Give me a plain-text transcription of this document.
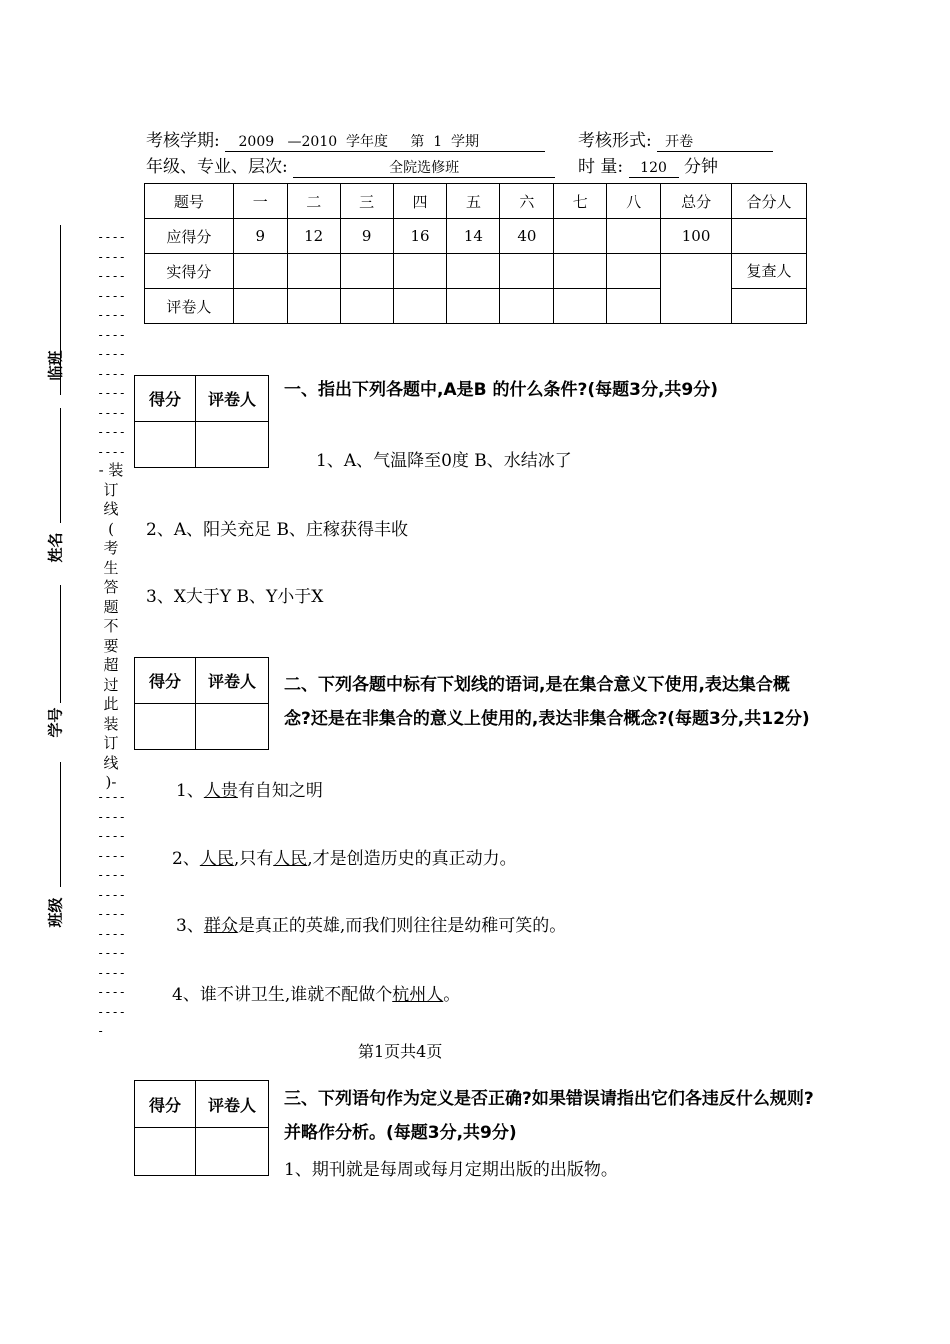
考核学期: 2009 —2010 学年度 第 1 学期	考核形式: 开卷
年级、专业、层次:	全院选修班	时 量: 120 分钟
题号	一	二	三	四	五	六	七	八	总分	合分人
应得分	9	12	9	16	14	40			100	
实得分										复查人
评卷人										
临班
姓名
学号
班级
----
----
----
----
----
----
----
----
----
----
----
----
- 装
订
线
(
考
生
答
题
不
要
超
过
此
装
订
线
)-
----
----
----
----
----
----
----
----
----
----
----
----
-
得分	评卷人
	一、指出下列各题中,A是B 的什么条件?(每题3分,共9分)
1、A、气温降至0度 B、水结冰了
2、A、阳关充足 B、庄稼获得丰收
3、X大于Y B、Y小于X
得分	评卷人
	二、下列各题中标有下划线的语词,是在集合意义下使用,表达集合概念?还是在非集合的意义上使用的,表达非集合概念?(每题3分,共12分)
1、人贵有自知之明
2、人民,只有人民,才是创造历史的真正动力。
3、群众是真正的英雄,而我们则往往是幼稚可笑的。
4、谁不讲卫生,谁就不配做个杭州人。
第1页共4页
得分	评卷人
	三、下列语句作为定义是否正确?如果错误请指出它们各违反什么规则?并略作分析。(每题3分,共9分)
1、期刊就是每周或每月定期出版的出版物。
